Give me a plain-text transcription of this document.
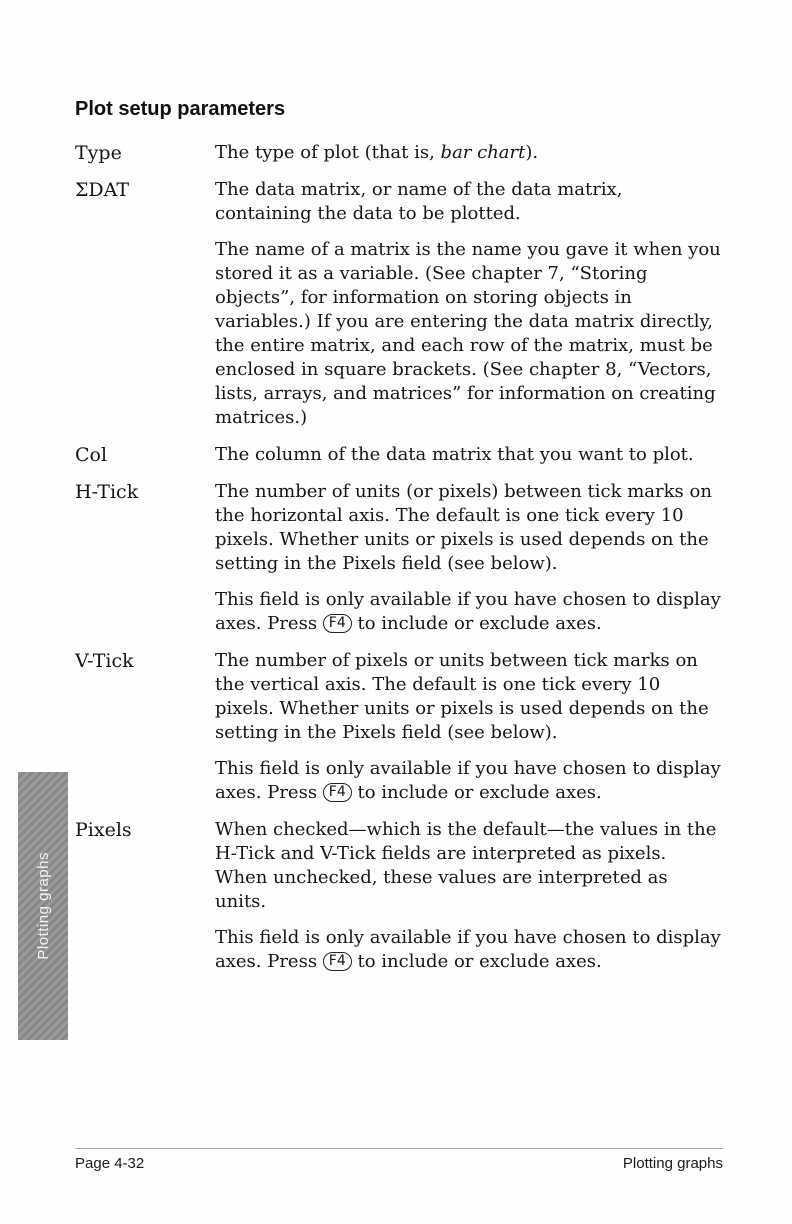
Plotting graphs
Plot setup parameters
Type	The type of plot (that is, bar chart).

ΣDAT	The data matrix, or name of the data matrix, containing the data to be plotted.

The name of a matrix is the name you gave it when you stored it as a variable. (See chapter 7, “Storing objects”, for information on storing objects in variables.) If you are entering the data matrix directly, the entire matrix, and each row of the matrix, must be enclosed in square brackets. (See chapter 8, “Vectors, lists, arrays, and matrices” for information on creating matrices.)

Col	The column of the data matrix that you want to plot.

H-Tick	The number of units (or pixels) between tick marks on the horizontal axis. The default is one tick every 10 pixels. Whether units or pixels is used depends on the setting in the Pixels field (see below).

This field is only available if you have chosen to display axes. Press F4 to include or exclude axes.

V-Tick	The number of pixels or units between tick marks on the vertical axis. The default is one tick every 10 pixels. Whether units or pixels is used depends on the setting in the Pixels field (see below).

This field is only available if you have chosen to display axes. Press F4 to include or exclude axes.

Pixels	When checked—which is the default—the values in the H-Tick and V-Tick fields are interpreted as pixels. When unchecked, these values are interpreted as units.

This field is only available if you have chosen to display axes. Press F4 to include or exclude axes.

Page 4-32	Plotting graphs
